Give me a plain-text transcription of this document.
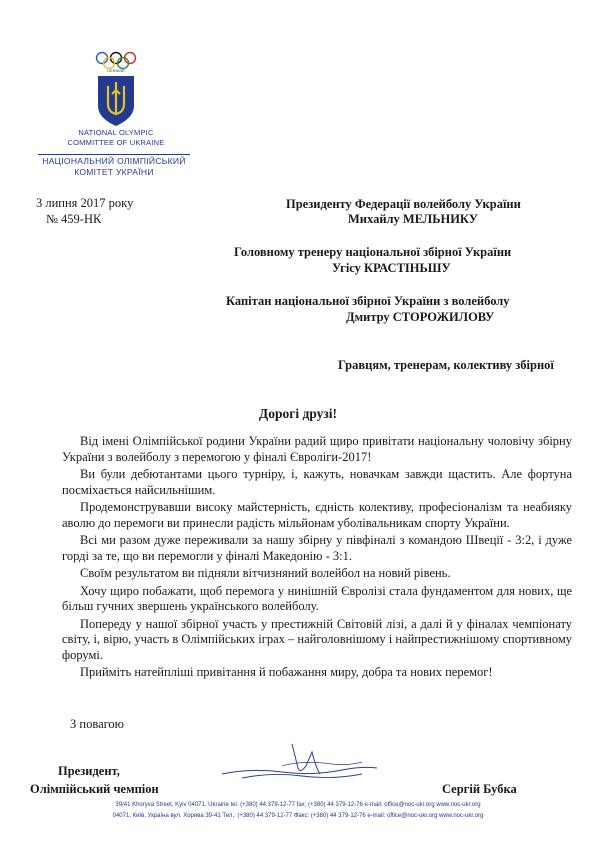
UKRAINE
NATIONAL OLYMPIC
COMMITTEE OF UKRAINE
НАЦІОНАЛЬНИЙ ОЛІМПІЙСЬКИЙ
КОМІТЕТ УКРАЇНИ
3 липня 2017 року
№ 459-НК
Президенту Федерації волейболу України
Михайлу МЕЛЬНИКУ
Головному тренеру національної збірної України
Угісу КРАСТІНЬШУ
Капітан національної збірної України з волейболу
Дмитру СТОРОЖИЛОВУ
Гравцям, тренерам, колективу збірної
Дорогі друзі!

Від імені Олімпійської родини України радий щиро привітати національну чоловічу збірну України з волейболу з перемогою у фіналі Євроліги-2017!

Ви були дебютантами цього турніру, і, кажуть, новачкам завжди щастить. Але фортуна посміхається найсильнішим.

Продемонструвавши високу майстерність, єдність колективу, професіоналізм та неабияку аволю до перемоги ви принесли радість мільйонам уболівальникам спорту України.

Всі ми разом дуже переживали за нашу збірну у півфіналі з командою Швеції - 3:2, і дуже горді за те, що ви перемогли у фіналі Македонію - 3:1.

Своїм результатом ви підняли вітчизняний волейбол на новий рівень.

Хочу щиро побажати, щоб перемога у нинішній Євролізі стала фундаментом для нових, ще більш гучних звершень українського волейболу.

Попереду у нашої збірної участь у престижній Світовій лізі, а далі й у фіналах чемпіонату світу, і, вірю, участь в Олімпійських іграх – найголовнішому і найпрестижнішому спортивному форумі.

Прийміть натейпліші привітання й побажання миру, добра та нових перемог!

З повагою
Президент,
Олімпійський чемпіон	Сергій Бубка
39/41 Khoryva Street, Kyiv 04071, Ukraine tel. (+380) 44 379-12-77 fax: (+380) 44 379-12-76 e-mail: office@noc-ukr.org www.noc-ukr.org
04071, Київ, Україна вул. Хорива 39-41 Тел.: (+380) 44 379-12-77 Факс: (+380) 44 379-12-76 e-mail: office@noc-ukr.org www.noc-ukr.org
